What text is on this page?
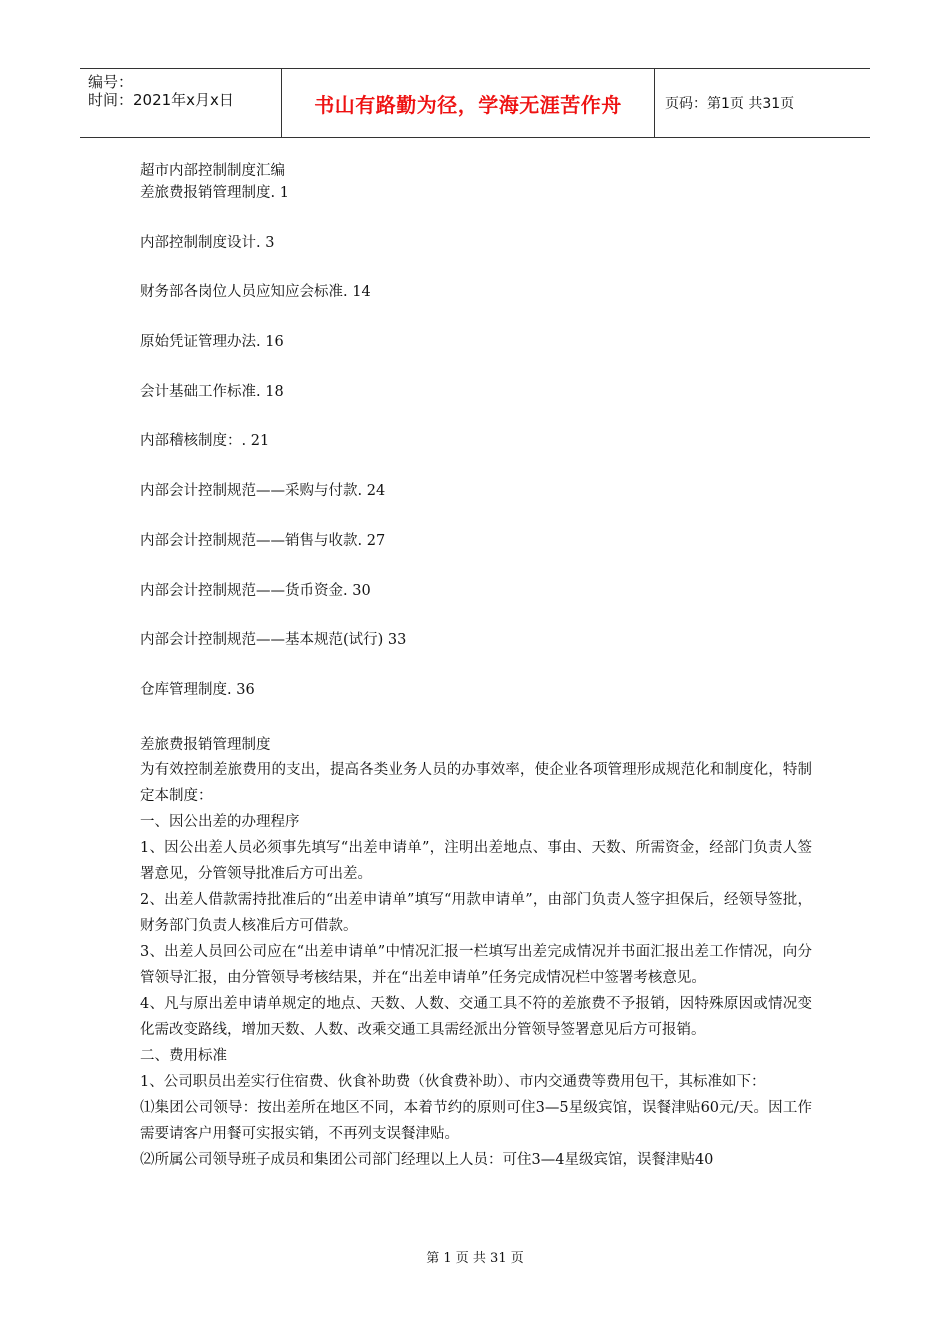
编号：
时间：2021年x月x日	书山有路勤为径，学海无涯苦作舟	页码：第1页 共31页

超市内部控制制度汇编

差旅费报销管理制度. 1

内部控制制度设计. 3

财务部各岗位人员应知应会标准. 14

原始凭证管理办法. 16

会计基础工作标准. 18

内部稽核制度：. 21

内部会计控制规范——采购与付款. 24

内部会计控制规范——销售与收款. 27

内部会计控制规范——货币资金. 30

内部会计控制规范——基本规范(试行) 33

仓库管理制度. 36

差旅费报销管理制度

为有效控制差旅费用的支出，提高各类业务人员的办事效率，使企业各项管理形成规范化和制度化，特制定本制度：

一、因公出差的办理程序

1、因公出差人员必须事先填写“出差申请单”，注明出差地点、事由、天数、所需资金，经部门负责人签署意见，分管领导批准后方可出差。

2、出差人借款需持批准后的“出差申请单”填写“用款申请单”，由部门负责人签字担保后，经领导签批，财务部门负责人核准后方可借款。

3、出差人员回公司应在“出差申请单”中情况汇报一栏填写出差完成情况并书面汇报出差工作情况，向分管领导汇报，由分管领导考核结果，并在“出差申请单”任务完成情况栏中签署考核意见。

4、凡与原出差申请单规定的地点、天数、人数、交通工具不符的差旅费不予报销，因特殊原因或情况变化需改变路线，增加天数、人数、改乘交通工具需经派出分管领导签署意见后方可报销。

二、费用标准

1、公司职员出差实行住宿费、伙食补助费（伙食费补助）、市内交通费等费用包干，其标准如下：

⑴集团公司领导：按出差所在地区不同，本着节约的原则可住3—5星级宾馆，误餐津贴60元/天。因工作需要请客户用餐可实报实销，不再列支误餐津贴。

⑵所属公司领导班子成员和集团公司部门经理以上人员：可住3—4星级宾馆，误餐津贴40

第 1 页 共 31 页
